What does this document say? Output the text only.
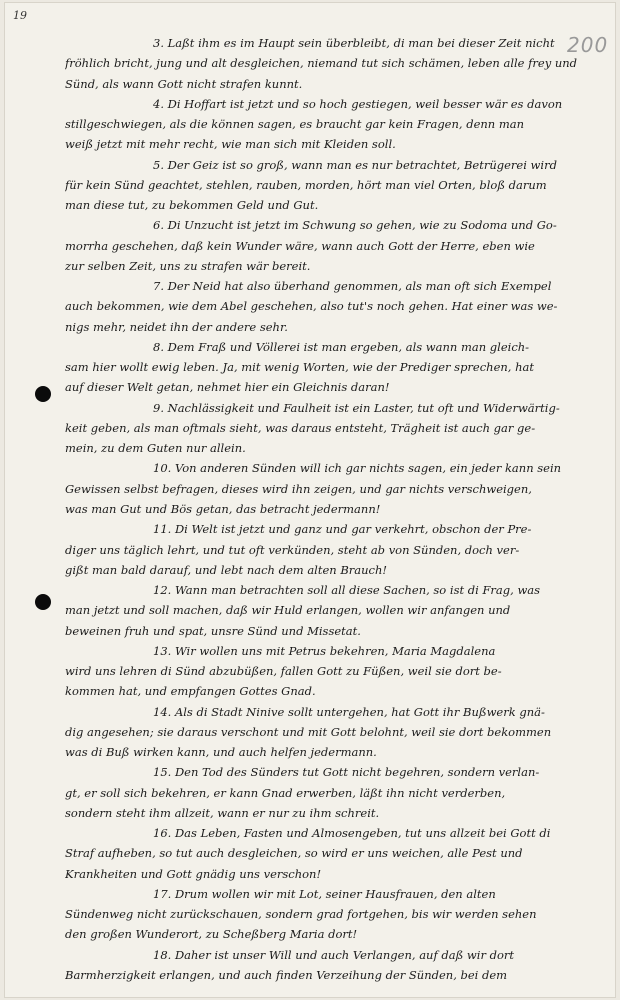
19
200
3. Laßt ihm es im Haupt sein überbleibt, di man bei dieser Zeit nicht
fröhlich bricht, jung und alt desgleichen, niemand tut sich schämen, leben alle frey und
Sünd, als wann Gott nicht strafen kunnt.
4. Di Hoffart ist jetzt und so hoch gestiegen, weil besser wär es davon
stillgeschwiegen, als die können sagen, es braucht gar kein Fragen, denn man
weiß jetzt mit mehr recht, wie man sich mit Kleiden soll.
5. Der Geiz ist so groß, wann man es nur betrachtet, Betrügerei wird
für kein Sünd geachtet, stehlen, rauben, morden, hört man viel Orten, bloß darum
man diese tut, zu bekommen Geld und Gut.
6. Di Unzucht ist jetzt im Schwung so gehen, wie zu Sodoma und Go-
morrha geschehen, daß kein Wunder wäre, wann auch Gott der Herre, eben wie
zur selben Zeit, uns zu strafen wär bereit.
7. Der Neid hat also überhand genommen, als man oft sich Exempel
auch bekommen, wie dem Abel geschehen, also tut's noch gehen. Hat einer was we-
nigs mehr, neidet ihn der andere sehr.
8. Dem Fraß und Völlerei ist man ergeben, als wann man gleich-
sam hier wollt ewig leben. Ja, mit wenig Worten, wie der Prediger sprechen, hat
auf dieser Welt getan, nehmet hier ein Gleichnis daran!
9. Nachlässigkeit und Faulheit ist ein Laster, tut oft und Widerwärtig-
keit geben, als man oftmals sieht, was daraus entsteht, Trägheit ist auch gar ge-
mein, zu dem Guten nur allein.
10. Von anderen Sünden will ich gar nichts sagen, ein jeder kann sein
Gewissen selbst befragen, dieses wird ihn zeigen, und gar nichts verschweigen,
was man Gut und Bös getan, das betracht jedermann!
11. Di Welt ist jetzt und ganz und gar verkehrt, obschon der Pre-
diger uns täglich lehrt, und tut oft verkünden, steht ab von Sünden, doch ver-
gißt man bald darauf, und lebt nach dem alten Brauch!
12. Wann man betrachten soll all diese Sachen, so ist di Frag, was
man jetzt und soll machen, daß wir Huld erlangen, wollen wir anfangen und
beweinen fruh und spat, unsre Sünd und Missetat.
13. Wir wollen uns mit Petrus bekehren, Maria Magdalena
wird uns lehren di Sünd abzubüßen, fallen Gott zu Füßen, weil sie dort be-
kommen hat, und empfangen Gottes Gnad.
14. Als di Stadt Ninive sollt untergehen, hat Gott ihr Bußwerk gnä-
dig angesehen; sie daraus verschont und mit Gott belohnt, weil sie dort bekommen
was di Buß wirken kann, und auch helfen jedermann.
15. Den Tod des Sünders tut Gott nicht begehren, sondern verlan-
gt, er soll sich bekehren, er kann Gnad erwerben, läßt ihn nicht verderben,
sondern steht ihm allzeit, wann er nur zu ihm schreit.
16. Das Leben, Fasten und Almosengeben, tut uns allzeit bei Gott di
Straf aufheben, so tut auch desgleichen, so wird er uns weichen, alle Pest und
Krankheiten und Gott gnädig uns verschon!
17. Drum wollen wir mit Lot, seiner Hausfrauen, den alten
Sündenweg nicht zurückschauen, sondern grad fortgehen, bis wir werden sehen
den großen Wunderort, zu Scheßberg Maria dort!
18. Daher ist unser Will und auch Verlangen, auf daß wir dort
Barmherzigkeit erlangen, und auch finden Verzeihung der Sünden, bei dem
